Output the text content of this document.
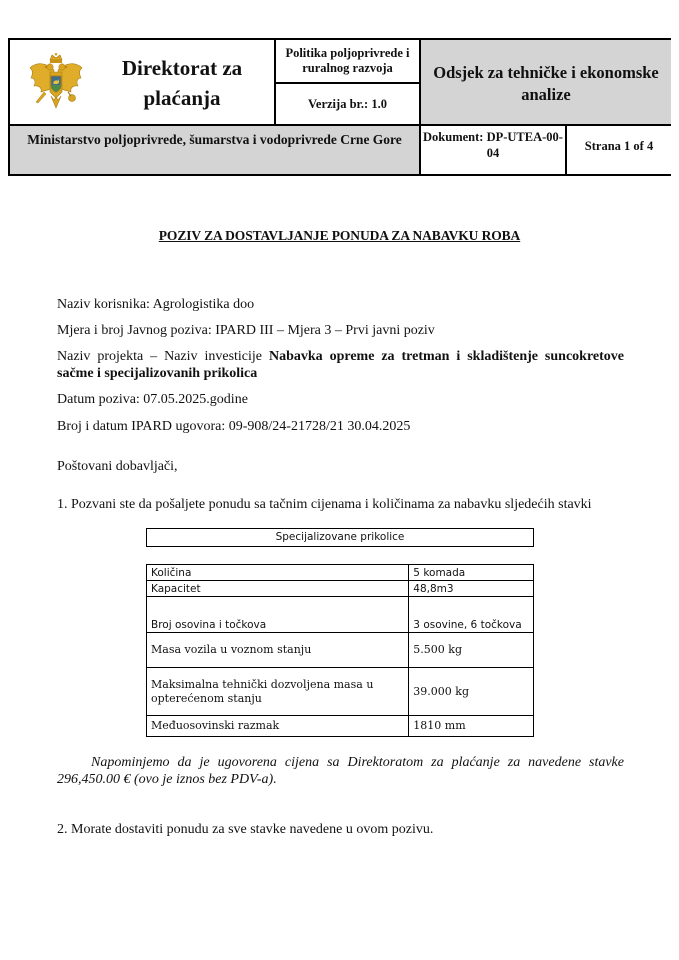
Direktorat za plaćanja
Politika poljoprivrede i ruralnog razvoja
Verzija br.: 1.0
Odsjek za tehničke i ekonomske analize
Ministarstvo poljoprivrede, šumarstva i vodoprivrede Crne Gore	Dokument: DP-UTEA-00-04
Strana 1 of 4
POZIV ZA DOSTAVLJANJE PONUDA ZA NABAVKU ROBA
Naziv korisnika: Agrologistika doo
Mjera i broj Javnog poziva: IPARD III – Mjera 3 – Prvi javni poziv
Naziv projekta – Naziv investicije Nabavka opreme za tretman i skladištenje suncokretove sačme i specijalizovanih prikolica
Datum poziva: 07.05.2025.godine
Broj i datum IPARD ugovora: 09-908/24-21728/21 30.04.2025
Poštovani dobavljači,
1. Pozvani ste da pošaljete ponudu sa tačnim cijenama i količinama za nabavku sljedećih stavki
Specijalizovane prikolice
Količina	5 komada
Kapacitet	48,8m3
Broj osovina i točkova	3 osovine, 6 točkova
Masa vozila u voznom stanju	5.500 kg
Maksimalna tehnički dozvoljena masa u opterećenom stanju	39.000 kg
Međuosovinski razmak	1810 mm
Napominjemo da je ugovorena cijena sa Direktoratom za plaćanje za navedene stavke 296,450.00 € (ovo je iznos bez PDV-a).
2. Morate dostaviti ponudu za sve stavke navedene u ovom pozivu.
